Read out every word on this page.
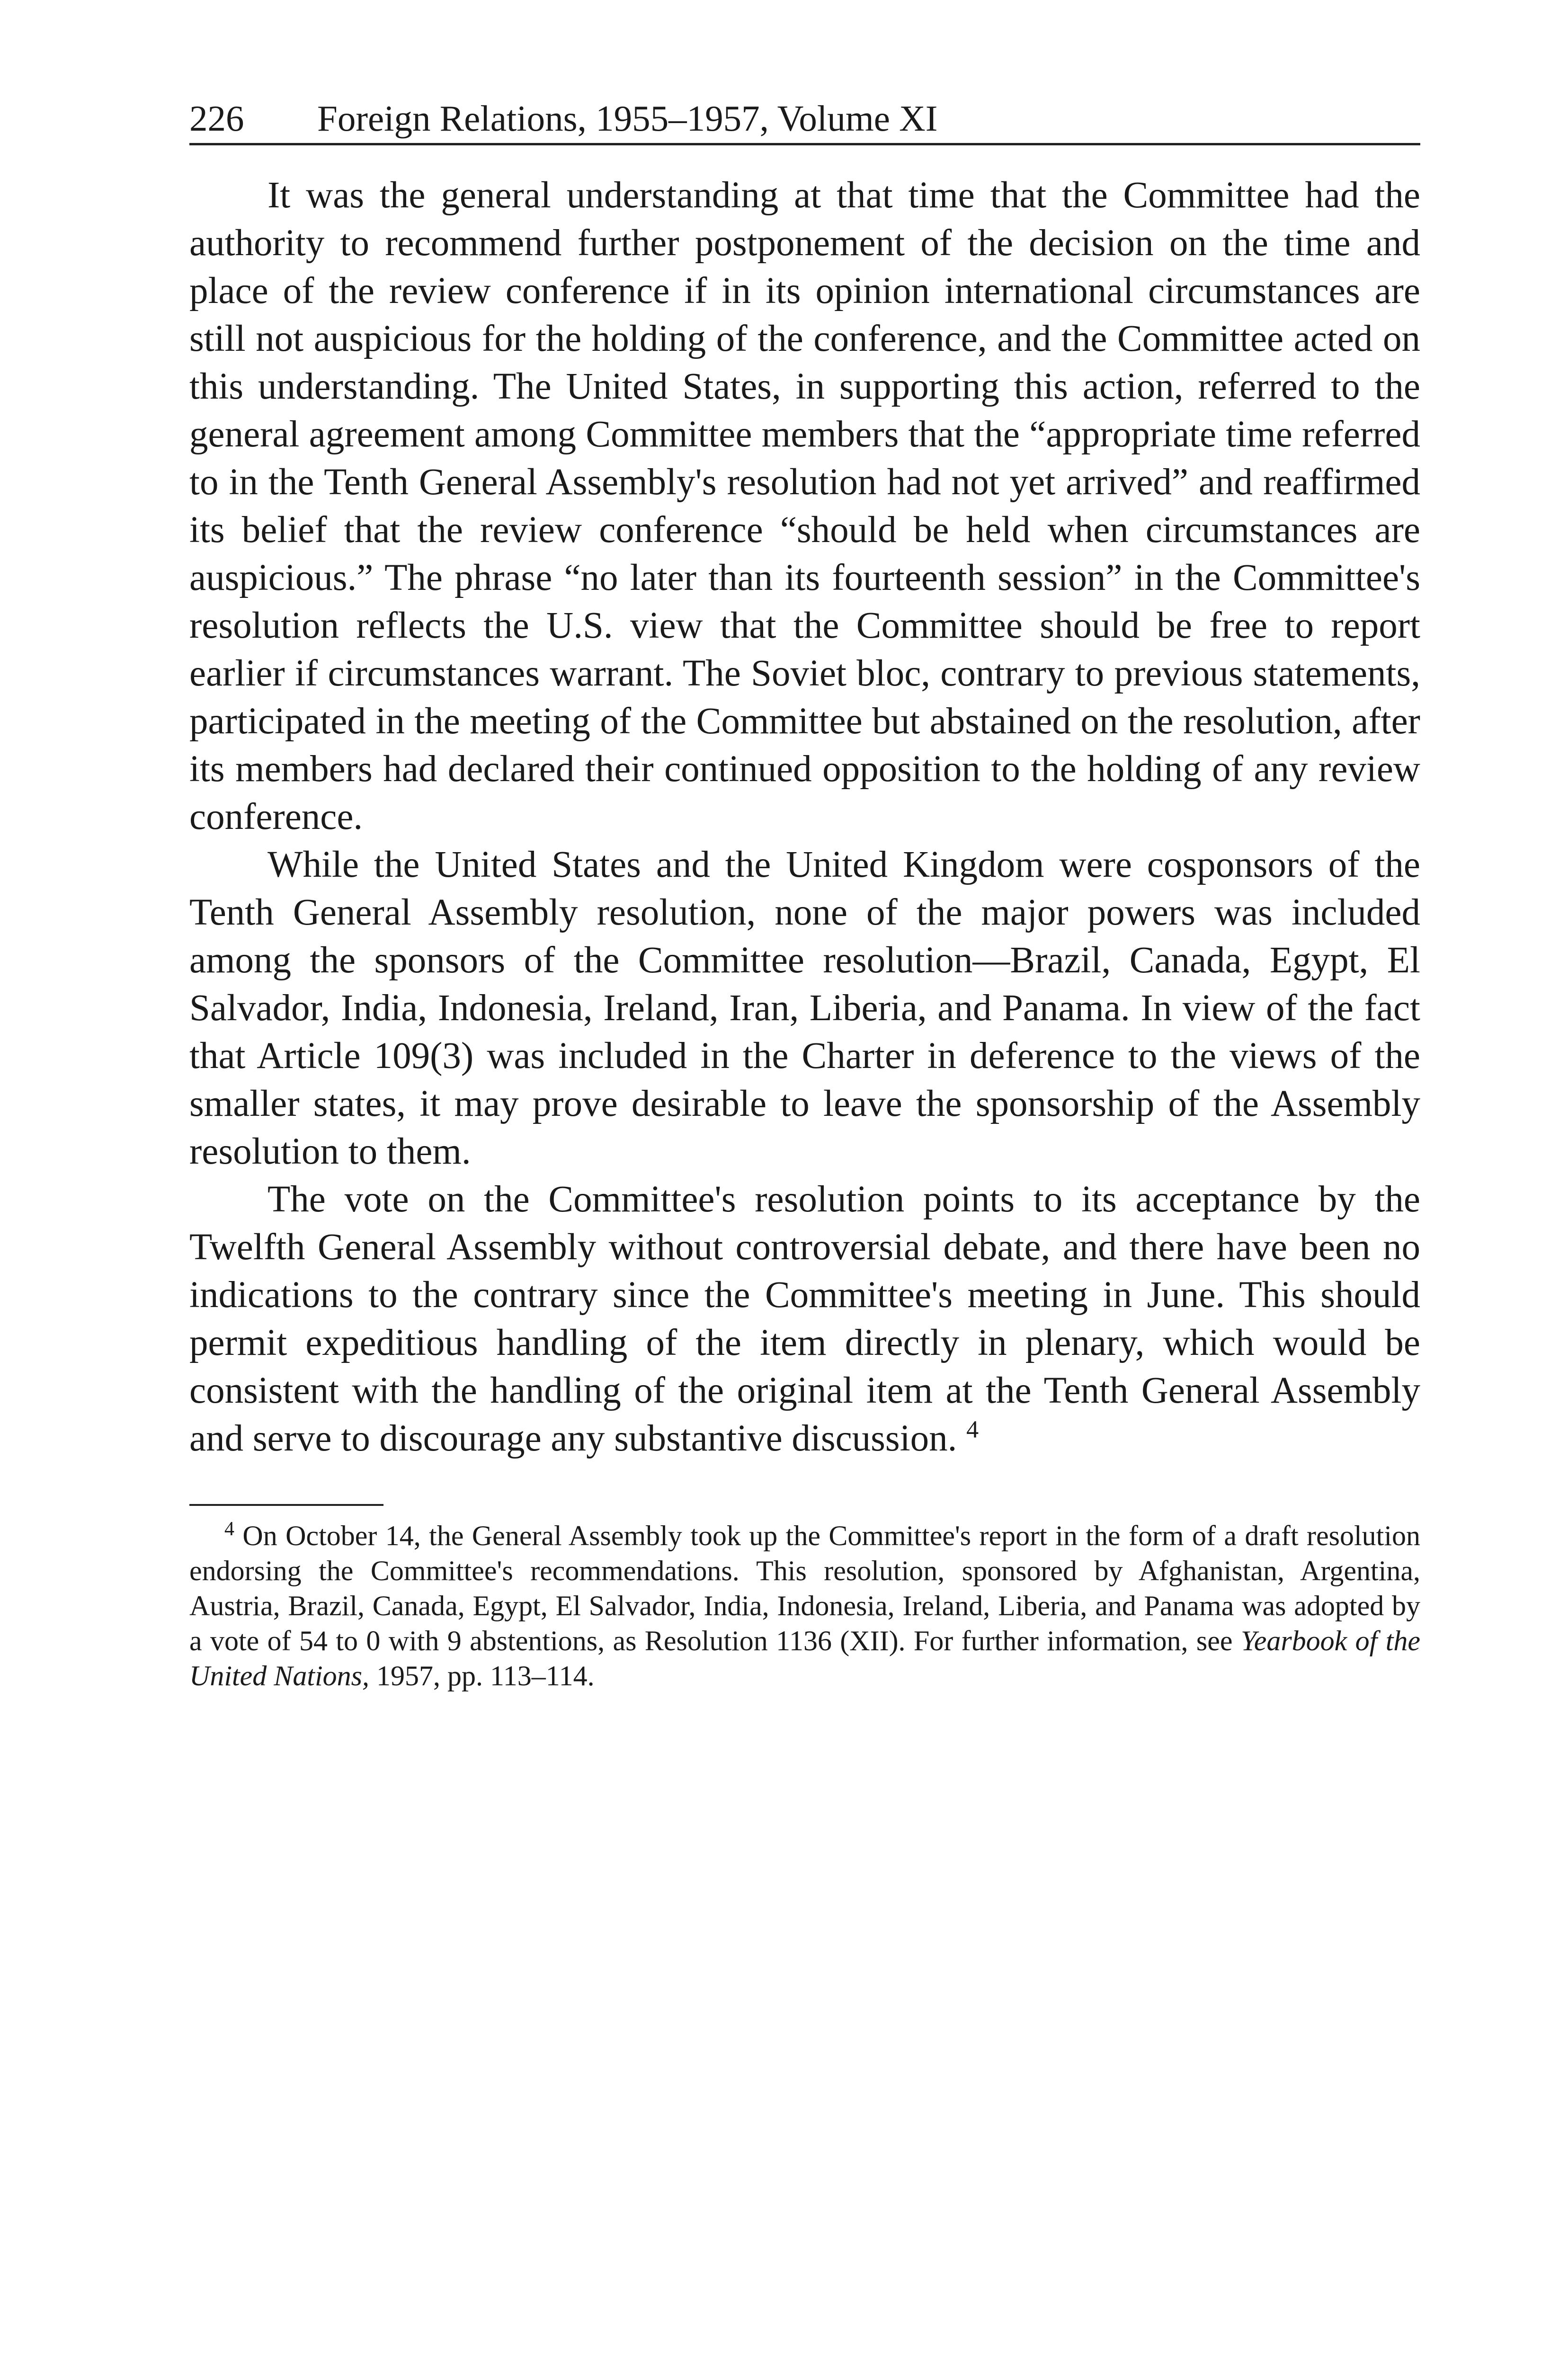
226 Foreign Relations, 1955–1957, Volume XI

It was the general understanding at that time that the Committee had the authority to recommend further postponement of the decision on the time and place of the review conference if in its opinion international circumstances are still not auspicious for the holding of the conference, and the Committee acted on this understanding. The United States, in supporting this action, referred to the general agreement among Committee members that the “appropriate time referred to in the Tenth General Assembly's resolution had not yet arrived” and reaffirmed its belief that the review conference “should be held when circumstances are auspicious.” The phrase “no later than its fourteenth session” in the Committee's resolution reflects the U.S. view that the Committee should be free to report earlier if circumstances warrant. The Soviet bloc, contrary to previous statements, participated in the meeting of the Committee but abstained on the resolution, after its members had declared their continued opposition to the holding of any review conference.

While the United States and the United Kingdom were cosponsors of the Tenth General Assembly resolution, none of the major powers was included among the sponsors of the Committee resolution—Brazil, Canada, Egypt, El Salvador, India, Indonesia, Ireland, Iran, Liberia, and Panama. In view of the fact that Article 109(3) was included in the Charter in deference to the views of the smaller states, it may prove desirable to leave the sponsorship of the Assembly resolution to them.

The vote on the Committee's resolution points to its acceptance by the Twelfth General Assembly without controversial debate, and there have been no indications to the contrary since the Committee's meeting in June. This should permit expeditious handling of the item directly in plenary, which would be consistent with the handling of the original item at the Tenth General Assembly and serve to discourage any substantive discussion. $^4$

$^4$ On October 14, the General Assembly took up the Committee's report in the form of a draft resolution endorsing the Committee's recommendations. This resolution, sponsored by Afghanistan, Argentina, Austria, Brazil, Canada, Egypt, El Salvador, India, Indonesia, Ireland, Liberia, and Panama was adopted by a vote of 54 to 0 with 9 abstentions, as Resolution 1136 (XII). For further information, see Yearbook of the United Nations, 1957, pp. 113–114.
